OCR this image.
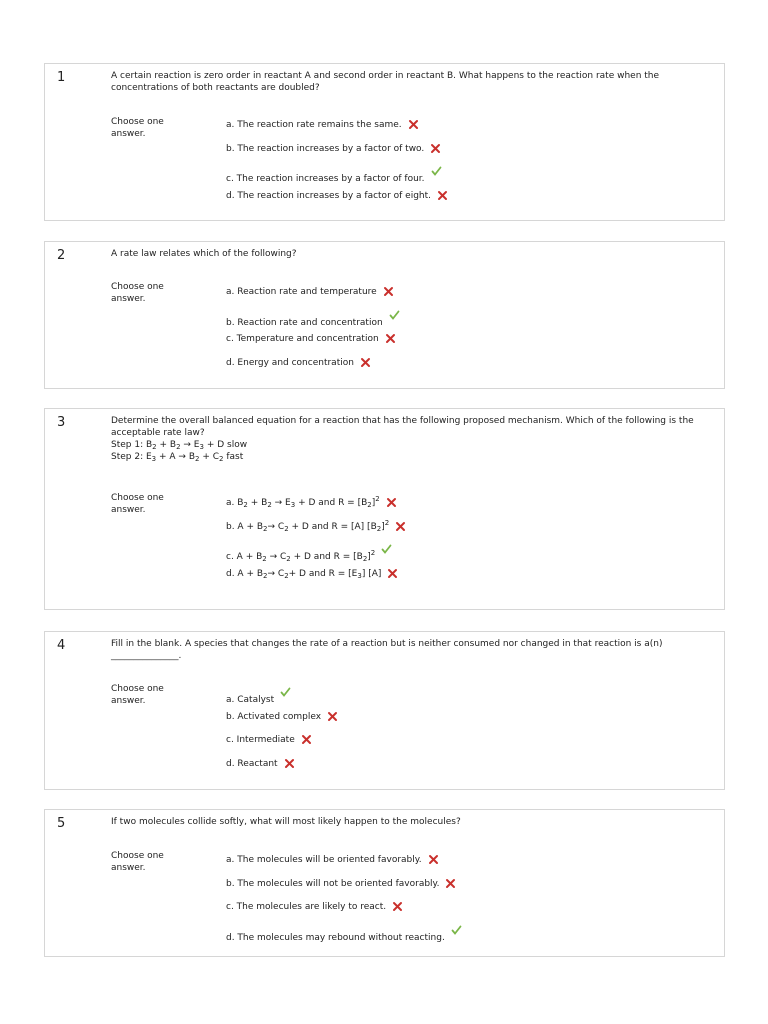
1	A certain reaction is zero order in reactant A and second order in reactant B. What happens to the reaction rate when the concentrations of both reactants are doubled?
Choose one answer.
a. The reaction rate remains the same.
b. The reaction increases by a factor of two.
c. The reaction increases by a factor of four.
d. The reaction increases by a factor of eight.
2	A rate law relates which of the following?
Choose one answer.
a. Reaction rate and temperature
b. Reaction rate and concentration
c. Temperature and concentration
d. Energy and concentration
3	Determine the overall balanced equation for a reaction that has the following proposed mechanism. Which of the following is the acceptable rate law?
Step 1: $B_2 + B_2 \to E_3 + D$ slow
Step 2: $E_3 + A \to B_2 + C_2$ fast
Choose one answer.
a. $B_2 + B_2 \to E_3 + D$ and $R = [B_2]^2$
b. $A + B_2\to C_2 + D$ and R = [A] $[B_2]^2$
c. $A + B_2 \to C_2 + D$ and $R = [B_2]^2$
d. $A + B_2\to C_2+ D$ and $R = [E_3]$ [A]
4	Fill in the blank. A species that changes the rate of a reaction but is neither consumed nor changed in that reaction is a(n) _______________.
Choose one answer.	a. Catalyst
b. Activated complex
c. Intermediate
d. Reactant
5	If two molecules collide softly, what will most likely happen to the molecules?
Choose one answer.
a. The molecules will be oriented favorably.
b. The molecules will not be oriented favorably.
c. The molecules are likely to react.
d. The molecules may rebound without reacting.
